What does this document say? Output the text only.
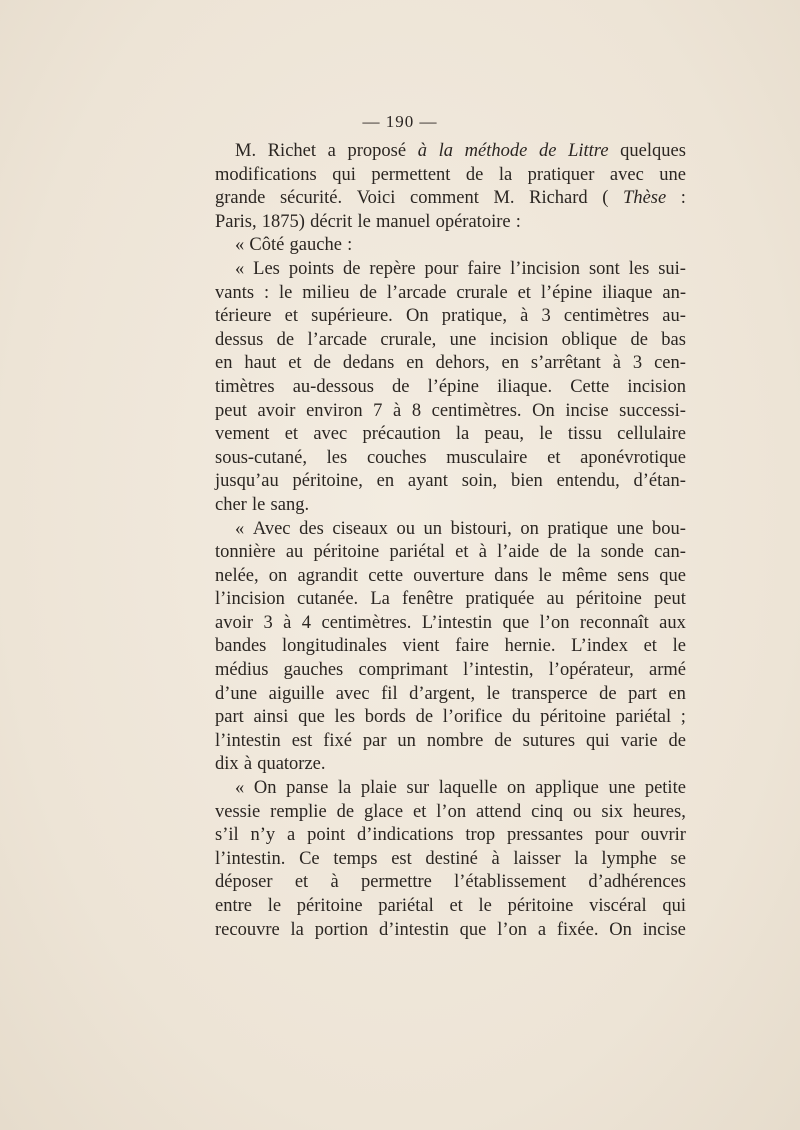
— 190 —
M. Richet a proposé à la méthode de Littre quelques
modifications qui permettent de la pratiquer avec une
grande sécurité. Voici comment M. Richard ( Thèse :
Paris, 1875) décrit le manuel opératoire :
« Côté gauche :
« Les points de repère pour faire l’incision sont les sui-
vants : le milieu de l’arcade crurale et l’épine iliaque an-
térieure et supérieure. On pratique, à 3 centimètres au-
dessus de l’arcade crurale, une incision oblique de bas
en haut et de dedans en dehors, en s’arrêtant à 3 cen-
timètres au-dessous de l’épine iliaque. Cette incision
peut avoir environ 7 à 8 centimètres. On incise successi-
vement et avec précaution la peau, le tissu cellulaire
sous-cutané, les couches musculaire et aponévrotique
jusqu’au péritoine, en ayant soin, bien entendu, d’étan-
cher le sang.
« Avec des ciseaux ou un bistouri, on pratique une bou-
tonnière au péritoine pariétal et à l’aide de la sonde can-
nelée, on agrandit cette ouverture dans le même sens que
l’incision cutanée. La fenêtre pratiquée au péritoine peut
avoir 3 à 4 centimètres. L’intestin que l’on reconnaît aux
bandes longitudinales vient faire hernie. L’index et le
médius gauches comprimant l’intestin, l’opérateur, armé
d’une aiguille avec fil d’argent, le transperce de part en
part ainsi que les bords de l’orifice du péritoine pariétal ;
l’intestin est fixé par un nombre de sutures qui varie de
dix à quatorze.
« On panse la plaie sur laquelle on applique une petite
vessie remplie de glace et l’on attend cinq ou six heures,
s’il n’y a point d’indications trop pressantes pour ouvrir
l’intestin. Ce temps est destiné à laisser la lymphe se
déposer et à permettre l’établissement d’adhérences
entre le péritoine pariétal et le péritoine viscéral qui
recouvre la portion d’intestin que l’on a fixée. On incise
